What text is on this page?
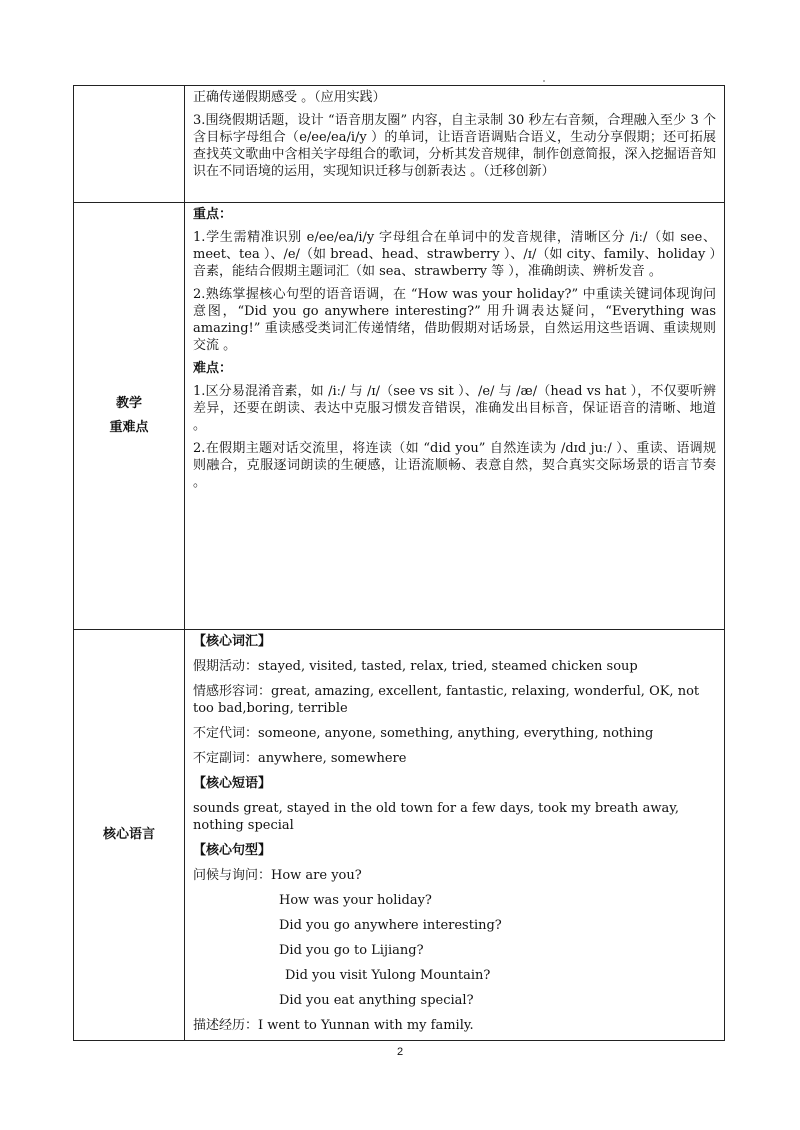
正确传递假期感受 。（应用实践）

3.围绕假期话题，设计 “语音朋友圈” 内容，自主录制 30 秒左右音频，合理融入至少 3 个含目标字母组合（e/ee/ea/i/y ）的单词，让语音语调贴合语义，生动分享假期；还可拓展查找英文歌曲中含相关字母组合的歌词，分析其发音规律，制作创意简报，深入挖掘语音知识在不同语境的运用，实现知识迁移与创新表达 。（迁移创新）

教学
重难点

重点：

1.学生需精准识别 e/ee/ea/i/y 字母组合在单词中的发音规律，清晰区分 /iː/（如 see、meet、tea ）、/e/（如 bread、head、strawberry ）、/ɪ/（如 city、family、holiday ）音素，能结合假期主题词汇（如 sea、strawberry 等 ），准确朗读、辨析发音 。

2.熟练掌握核心句型的语音语调，在 “How was your holiday?” 中重读关键词体现询问意图，“Did you go anywhere interesting?” 用升调表达疑问，“Everything was amazing!” 重读感受类词汇传递情绪，借助假期对话场景，自然运用这些语调、重读规则交流 。

难点：

1.区分易混淆音素，如 /iː/ 与 /ɪ/（see vs sit ）、/e/ 与 /æ/（head vs hat ），不仅要听辨差异，还要在朗读、表达中克服习惯发音错误，准确发出目标音，保证语音的清晰、地道 。

2.在假期主题对话交流里，将连读（如 “did you” 自然连读为 /dɪd juː/ ）、重读、语调规则融合，克服逐词朗读的生硬感，让语流顺畅、表意自然，契合真实交际场景的语言节奏 。

核心语言

【核心词汇】

假期活动：stayed, visited, tasted, relax, tried, steamed chicken soup

情感形容词：great, amazing, excellent, fantastic, relaxing, wonderful, OK, not too bad,boring, terrible

不定代词：someone, anyone, something, anything, everything, nothing

不定副词：anywhere, somewhere

【核心短语】

sounds great, stayed in the old town for a few days, took my breath away, nothing special

【核心句型】

问候与询问：How are you?

How was your holiday?

Did you go anywhere interesting?

Did you go to Lijiang?

Did you visit Yulong Mountain?

Did you eat anything special?

描述经历：I went to Yunnan with my family.

2
